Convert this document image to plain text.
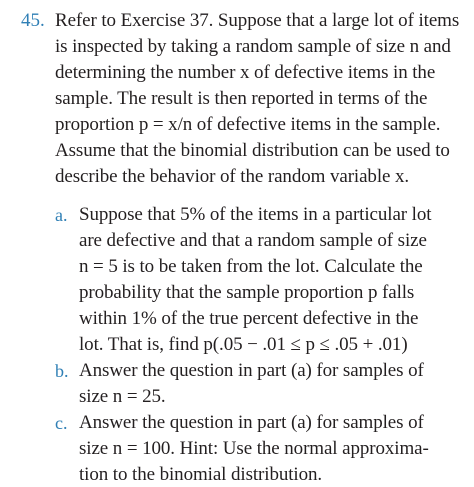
45. Refer to Exercise 37. Suppose that a large lot of items
is inspected by taking a random sample of size n and
determining the number x of defective items in the
sample. The result is then reported in terms of the
proportion p = x/n of defective items in the sample.
Assume that the binomial distribution can be used to
describe the behavior of the random variable x.
a. Suppose that 5% of the items in a particular lot
are defective and that a random sample of size
n = 5 is to be taken from the lot. Calculate the
probability that the sample proportion p falls
within 1% of the true percent defective in the
lot. That is, find p(.05 − .01 ≤ p ≤ .05 + .01)
b. Answer the question in part (a) for samples of
size n = 25.
c. Answer the question in part (a) for samples of
size n = 100. Hint: Use the normal approxima-
tion to the binomial distribution.
